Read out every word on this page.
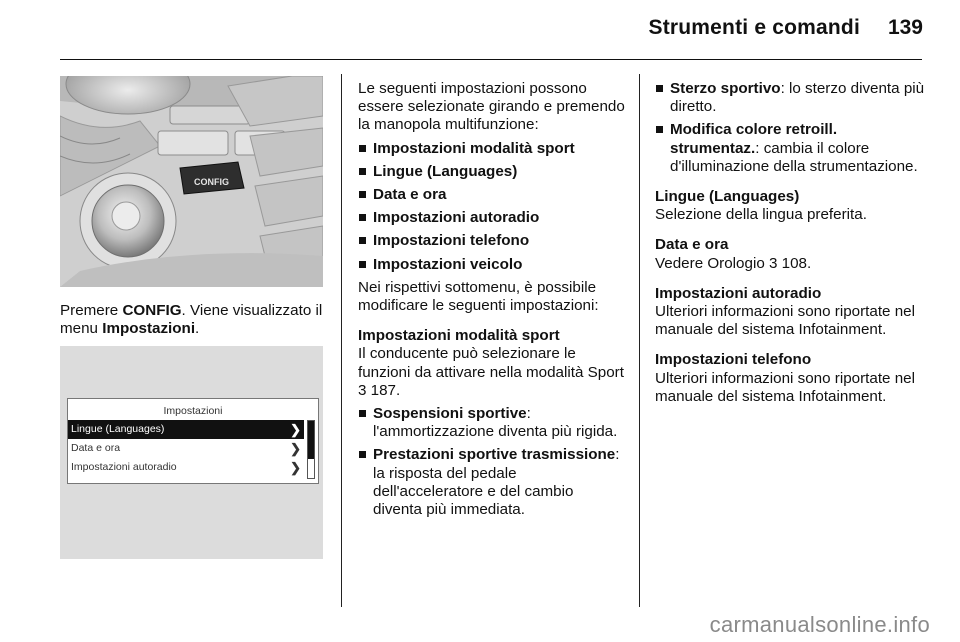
Strumenti e comandi	139
CONFIG
Premere CONFIG. Viene visualizzato il menu Impostazioni.
Impostazioni
Lingue (Languages)	❯
Data e ora	❯
Impostazioni autoradio	❯

Le seguenti impostazioni possono essere selezionate girando e premendo la manopola multifunzione:

Impostazioni modalità sport
Lingue (Languages)
Data e ora
Impostazioni autoradio
Impostazioni telefono
Impostazioni veicolo

Nei rispettivi sottomenu, è possibile modificare le seguenti impostazioni:

Impostazioni modalità sport

Il conducente può selezionare le funzioni da attivare nella modalità Sport 3 187.

Sospensioni sportive: l'ammortizzazione diventa più rigida.
Prestazioni sportive trasmissione: la risposta del pedale dell'acceleratore e del cambio diventa più immediata.
Sterzo sportivo: lo sterzo diventa più diretto.
Modifica colore retroill. strumentaz.: cambia il colore d'illuminazione della strumentazione.

Lingue (Languages)

Selezione della lingua preferita.

Data e ora

Vedere Orologio 3 108.

Impostazioni autoradio

Ulteriori informazioni sono riportate nel manuale del sistema Infotainment.

Impostazioni telefono

Ulteriori informazioni sono riportate nel manuale del sistema Infotainment.

carmanualsonline.info
